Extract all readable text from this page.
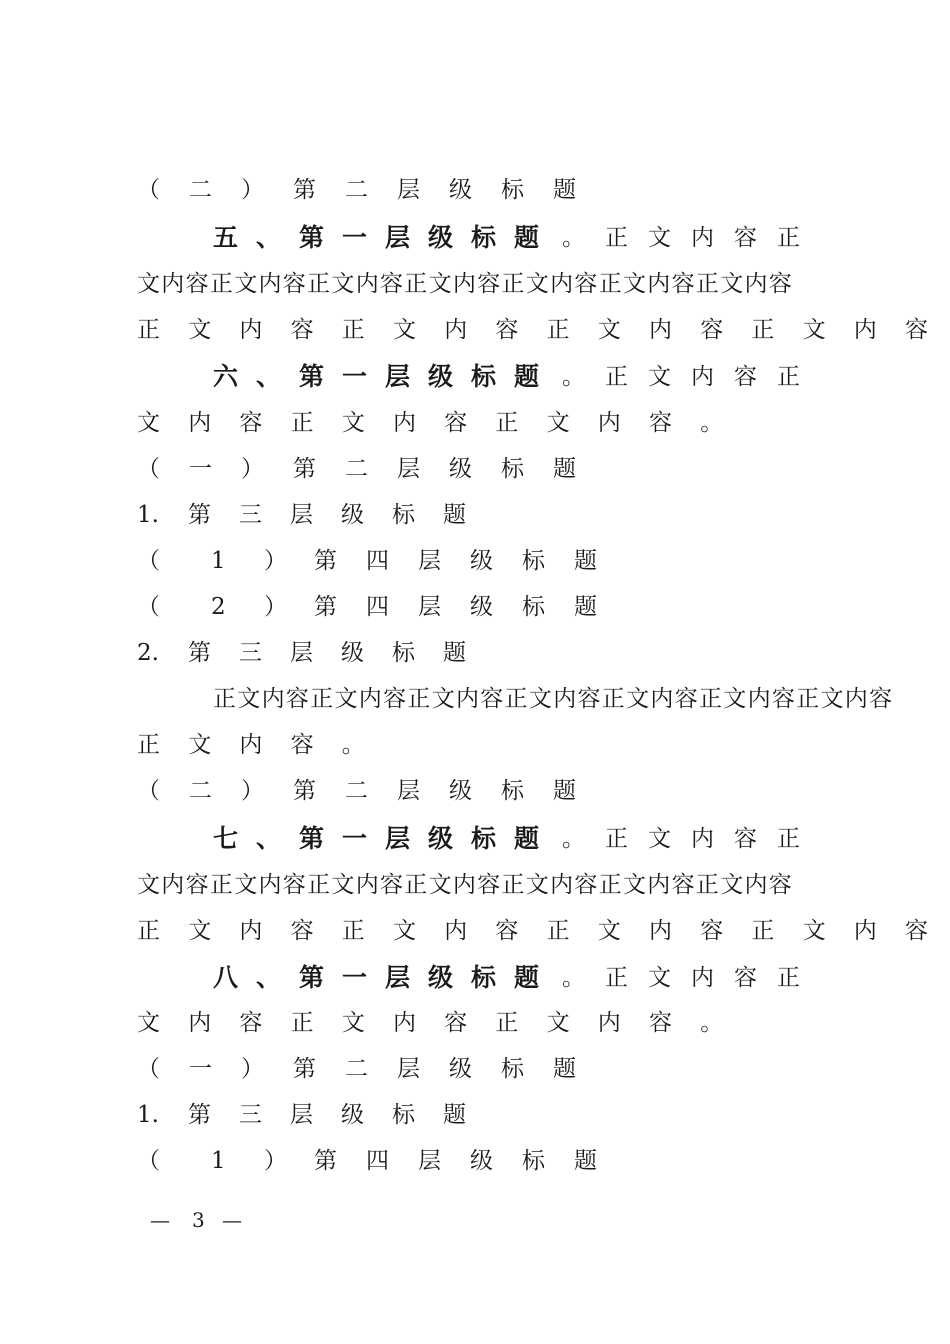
（ 二 ） 第 二 层 级 标 题
五 、 第 一 层 级 标 题 。 正 文 内 容 正
文 内 容 正 文 内 容 正 文 内 容 正 文 内 容 正 文 内 容 正 文 内 容 正 文 内 容
正 文 内 容 正 文 内 容 正 文 内 容 正 文 内 容
六 、 第 一 层 级 标 题 。 正 文 内 容 正
文 内 容 正 文 内 容 正 文 内 容 。
（ 一 ） 第 二 层 级 标 题
1. 第 三 层 级 标 题
（ 1 ） 第 四 层 级 标 题
（ 2 ） 第 四 层 级 标 题
2. 第 三 层 级 标 题
正 文 内 容 正 文 内 容 正 文 内 容 正 文 内 容 正 文 内 容 正 文 内 容 正 文 内 容
正 文 内 容 。
（ 二 ） 第 二 层 级 标 题
七 、 第 一 层 级 标 题 。 正 文 内 容 正
文 内 容 正 文 内 容 正 文 内 容 正 文 内 容 正 文 内 容 正 文 内 容 正 文 内 容
正 文 内 容 正 文 内 容 正 文 内 容 正 文 内 容
八 、 第 一 层 级 标 题 。 正 文 内 容 正
文 内 容 正 文 内 容 正 文 内 容 。
（ 一 ） 第 二 层 级 标 题
1. 第 三 层 级 标 题
（ 1 ） 第 四 层 级 标 题
— 3 —
